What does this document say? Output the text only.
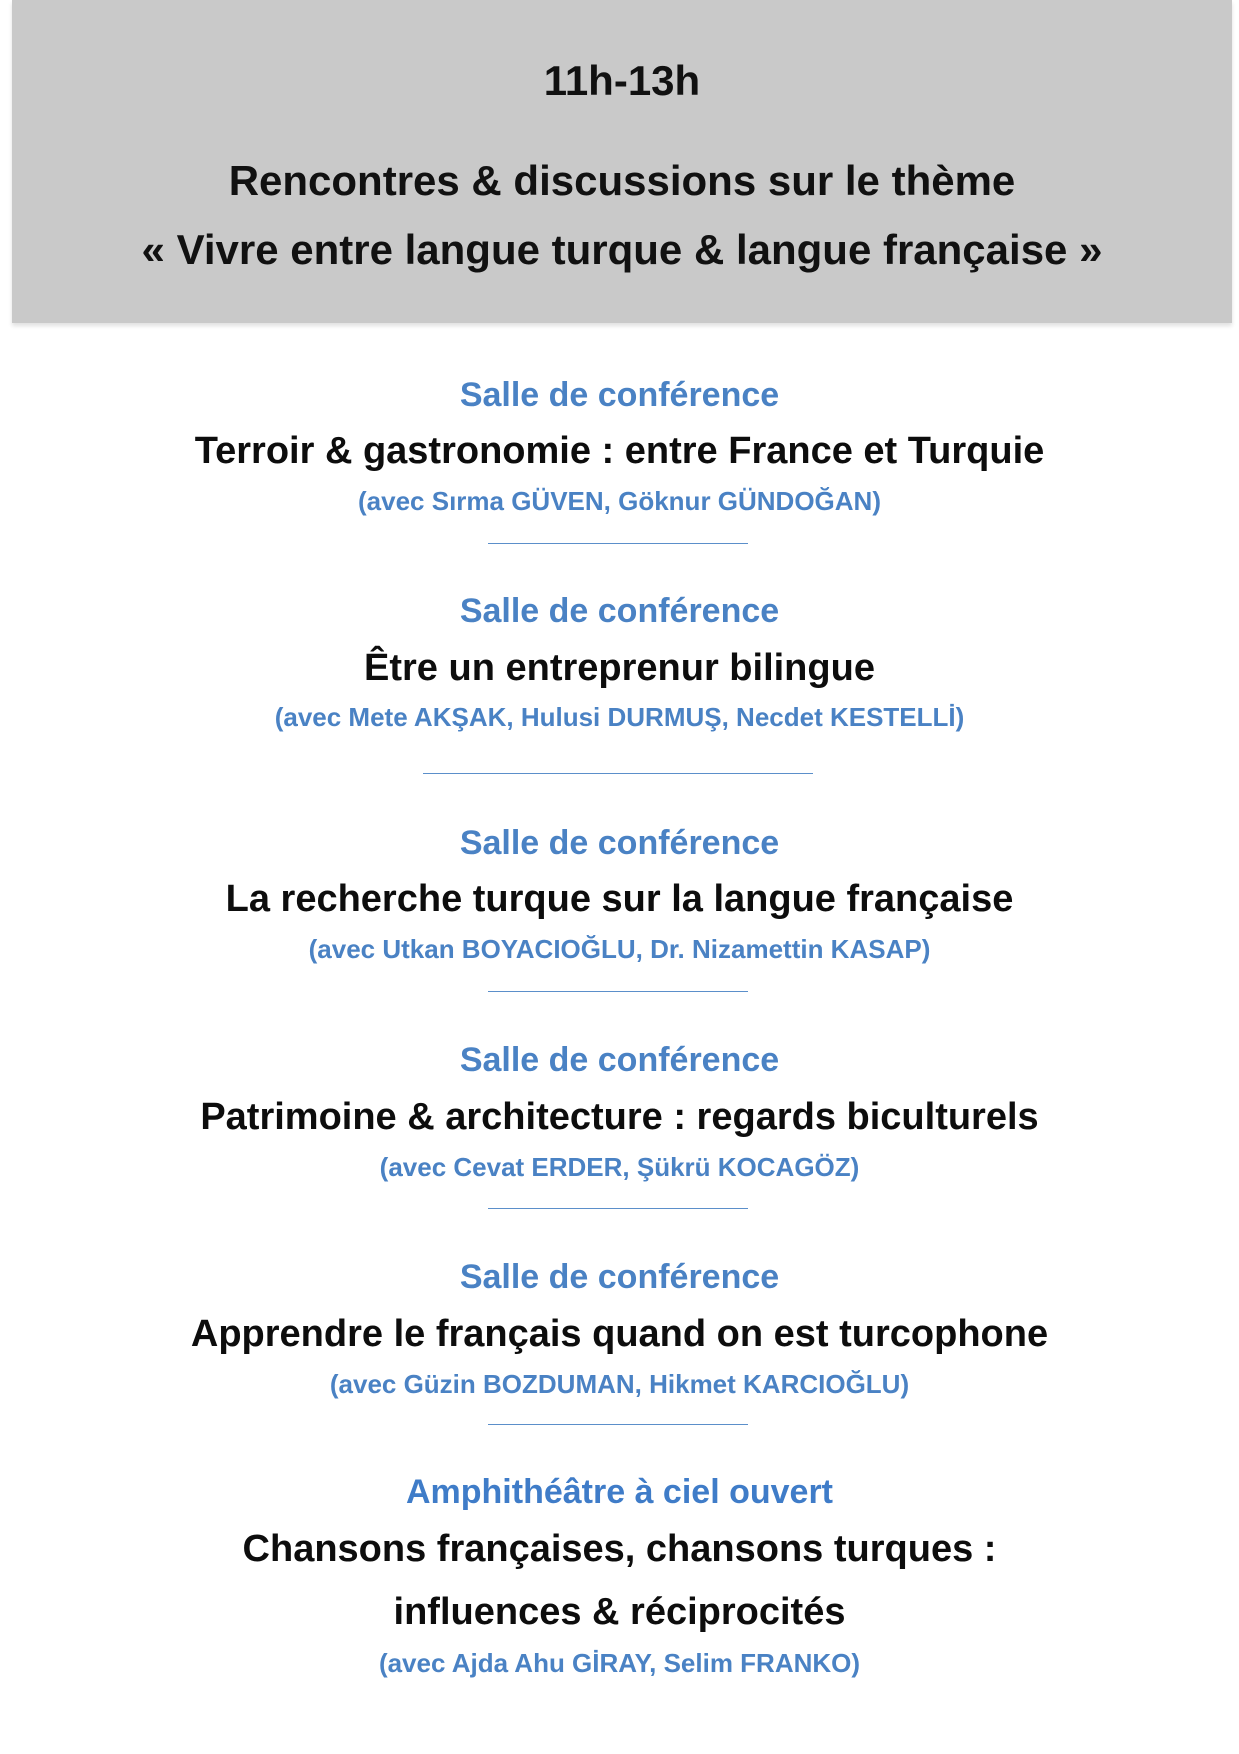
11h-13h
Rencontres & discussions sur le thème
« Vivre entre langue turque & langue française »
Salle de conférence
Terroir & gastronomie : entre France et Turquie
(avec Sırma GÜVEN, Göknur GÜNDOĞAN)
Salle de conférence
Être un entreprenur bilingue
(avec Mete AKŞAK, Hulusi DURMUŞ, Necdet KESTELLİ)
Salle de conférence
La recherche turque sur la langue française
(avec Utkan BOYACIOĞLU, Dr. Nizamettin KASAP)
Salle de conférence
Patrimoine & architecture : regards biculturels
(avec Cevat ERDER, Şükrü KOCAGÖZ)
Salle de conférence
Apprendre le français quand on est turcophone
(avec Güzin BOZDUMAN, Hikmet KARCIOĞLU)
Amphithéâtre à ciel ouvert
Chansons françaises, chansons turques :
influences & réciprocités
(avec Ajda Ahu GİRAY, Selim FRANKO)
